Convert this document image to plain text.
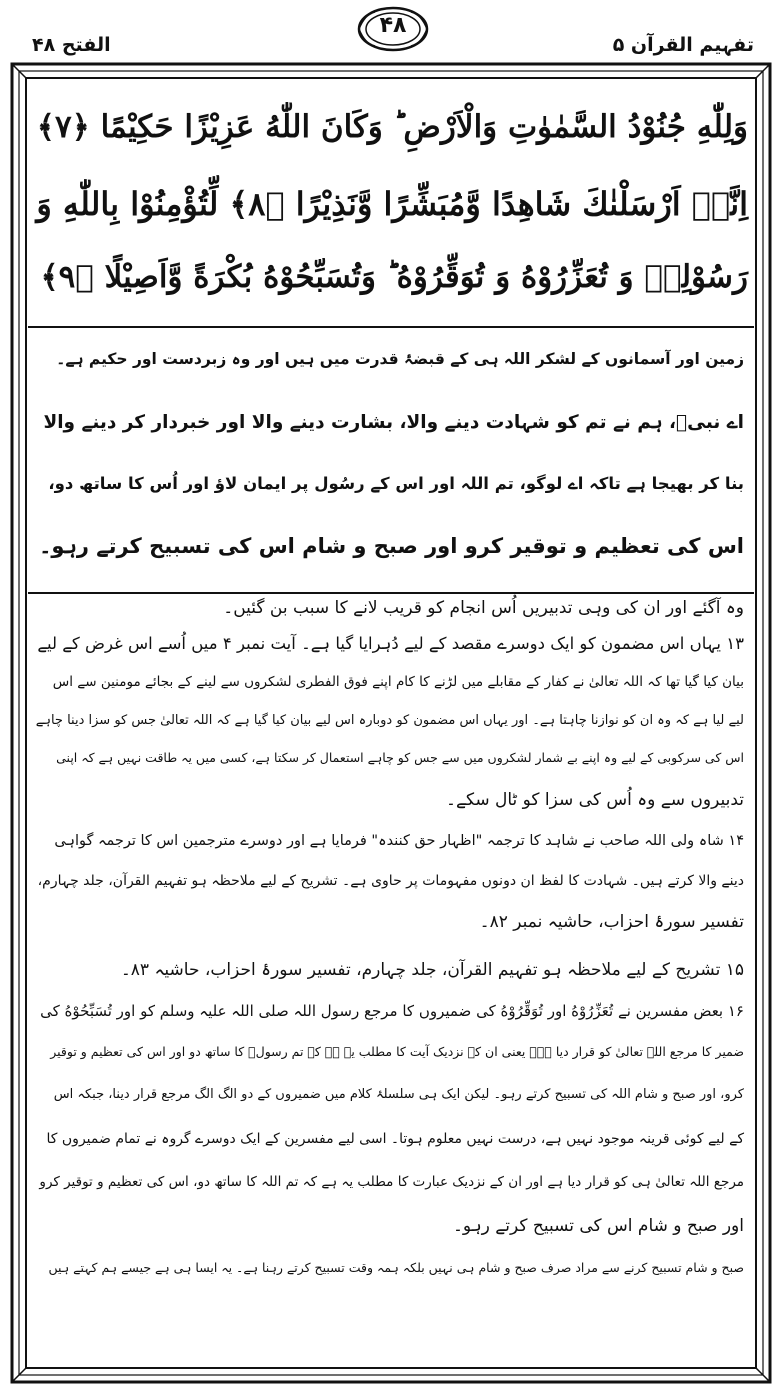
تفہیم القرآن ۵
۴۸
الفتح ۴۸
وَلِلّٰهِ جُنُوْدُ السَّمٰوٰتِ وَالْاَرْضِ ؕ وَكَانَ اللّٰهُ عَزِیْزًا حَكِیْمًا ﴿۷﴾
اِنَّاۤ اَرْسَلْنٰكَ شَاهِدًا وَّمُبَشِّرًا وَّنَذِیْرًا ﴿۸﴾ لِّتُؤْمِنُوْا بِاللّٰهِ وَ
رَسُوْلِهٖ وَ تُعَزِّرُوْهُ وَ تُوَقِّرُوْهُ ؕ وَتُسَبِّحُوْهُ بُكْرَةً وَّاَصِیْلًا ﴿۹﴾
زمین اور آسمانوں کے لشکر اللہ ہی کے قبضۂ قدرت میں ہیں اور وہ زبردست اور حکیم ہے۔
اے نبیؐ، ہم نے تم کو شہادت دینے والا، بشارت دینے والا اور خبردار کر دینے والا
بنا کر بھیجا ہے تاکہ اے لوگو، تم اللہ اور اس کے رسُول پر ایمان لاؤ اور اُس کا ساتھ دو،
اس کی تعظیم و توقیر کرو اور صبح و شام اس کی تسبیح کرتے رہو۔
وہ آگئے اور ان کی وہی تدبیریں اُس انجام کو قریب لانے کا سبب بن گئیں۔
۱۳ یہاں اس مضمون کو ایک دوسرے مقصد کے لیے دُہرایا گیا ہے۔ آیت نمبر ۴ میں اُسے اس غرض کے لیے
بیان کیا گیا تھا کہ اللہ تعالیٰ نے کفار کے مقابلے میں لڑنے کا کام اپنے فوق الفطری لشکروں سے لینے کے بجائے مومنین سے اس
لیے لیا ہے کہ وہ ان کو نوازنا چاہتا ہے۔ اور یہاں اس مضمون کو دوبارہ اس لیے بیان کیا گیا ہے کہ اللہ تعالیٰ جس کو سزا دینا چاہے
اس کی سرکوبی کے لیے وہ اپنے بے شمار لشکروں میں سے جس کو چاہے استعمال کر سکتا ہے، کسی میں یہ طاقت نہیں ہے کہ اپنی
تدبیروں سے وہ اُس کی سزا کو ٹال سکے۔
۱۴ شاہ ولی اللہ صاحب نے شاہد کا ترجمہ "اظہار حق کنندہ" فرمایا ہے اور دوسرے مترجمین اس کا ترجمہ گواہی
دینے والا کرتے ہیں۔ شہادت کا لفظ ان دونوں مفہومات پر حاوی ہے۔ تشریح کے لیے ملاحظہ ہو تفہیم القرآن، جلد چہارم،
تفسیر سورۂ احزاب، حاشیہ نمبر ۸۲۔
۱۵ تشریح کے لیے ملاحظہ ہو تفہیم القرآن، جلد چہارم، تفسیر سورۂ احزاب، حاشیہ ۸۳۔
۱۶ بعض مفسرین نے تُعَزِّرُوْهُ اور تُوَقِّرُوْهُ کی ضمیروں کا مرجع رسول اللہ صلی اللہ علیہ وسلم کو اور تُسَبِّحُوْهُ کی
ضمیر کا مرجع اللہ تعالیٰ کو قرار دیا ہے۔ یعنی ان کے نزدیک آیت کا مطلب یہ ہے کہ تم رسولؐ کا ساتھ دو اور اس کی تعظیم و توقیر
کرو، اور صبح و شام اللہ کی تسبیح کرتے رہو۔ لیکن ایک ہی سلسلۂ کلام میں ضمیروں کے دو الگ الگ مرجع قرار دینا، جبکہ اس
کے لیے کوئی قرینہ موجود نہیں ہے، درست نہیں معلوم ہوتا۔ اسی لیے مفسرین کے ایک دوسرے گروہ نے تمام ضمیروں کا
مرجع اللہ تعالیٰ ہی کو قرار دیا ہے اور ان کے نزدیک عبارت کا مطلب یہ ہے کہ تم اللہ کا ساتھ دو، اس کی تعظیم و توقیر کرو
اور صبح و شام اس کی تسبیح کرتے رہو۔
صبح و شام تسبیح کرنے سے مراد صرف صبح و شام ہی نہیں بلکہ ہمہ وقت تسبیح کرتے رہنا ہے۔ یہ ایسا ہی ہے جیسے ہم کہتے ہیں
